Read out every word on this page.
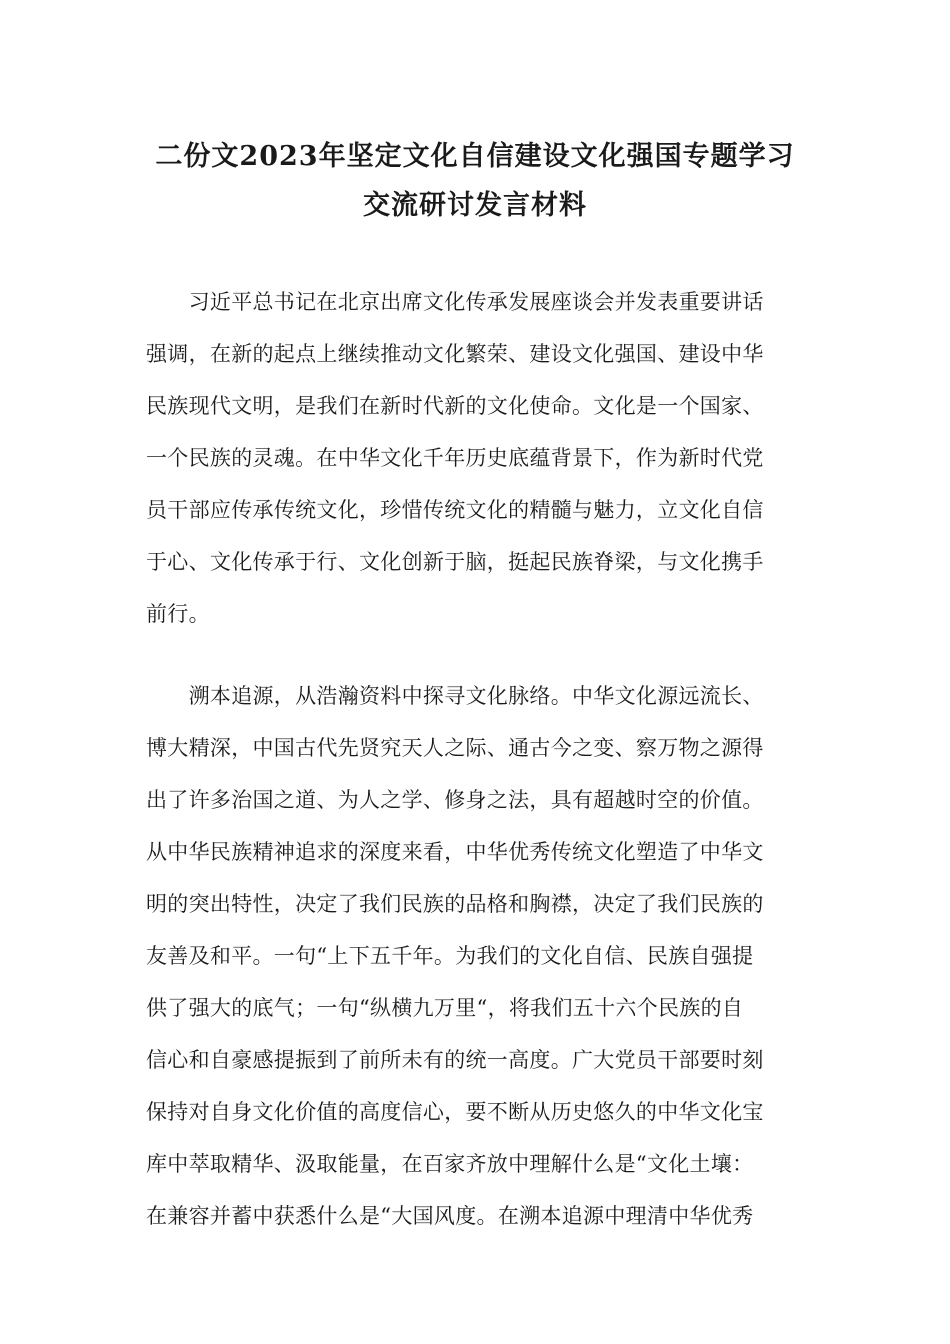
二份文2023年坚定文化自信建设文化强国专题学习
交流研讨发言材料
　　习近平总书记在北京出席文化传承发展座谈会并发表重要讲话
强调，在新的起点上继续推动文化繁荣、建设文化强国、建设中华
民族现代文明，是我们在新时代新的文化使命。文化是一个国家、
一个民族的灵魂。在中华文化千年历史底蕴背景下，作为新时代党
员干部应传承传统文化，珍惜传统文化的精髓与魅力，立文化自信
于心、文化传承于行、文化创新于脑，挺起民族脊梁，与文化携手
前行。
　　溯本追源，从浩瀚资料中探寻文化脉络。中华文化源远流长、
博大精深，中国古代先贤究天人之际、通古今之变、察万物之源得
出了许多治国之道、为人之学、修身之法，具有超越时空的价值。
从中华民族精神追求的深度来看，中华优秀传统文化塑造了中华文
明的突出特性，决定了我们民族的品格和胸襟，决定了我们民族的
友善及和平。一句“上下五千年。为我们的文化自信、民族自强提
供了强大的底气；一句“纵横九万里“，将我们五十六个民族的自
信心和自豪感提振到了前所未有的统一高度。广大党员干部要时刻
保持对自身文化价值的高度信心，要不断从历史悠久的中华文化宝
库中萃取精华、汲取能量，在百家齐放中理解什么是“文化土壤：
在兼容并蓄中获悉什么是“大国风度。在溯本追源中理清中华优秀
